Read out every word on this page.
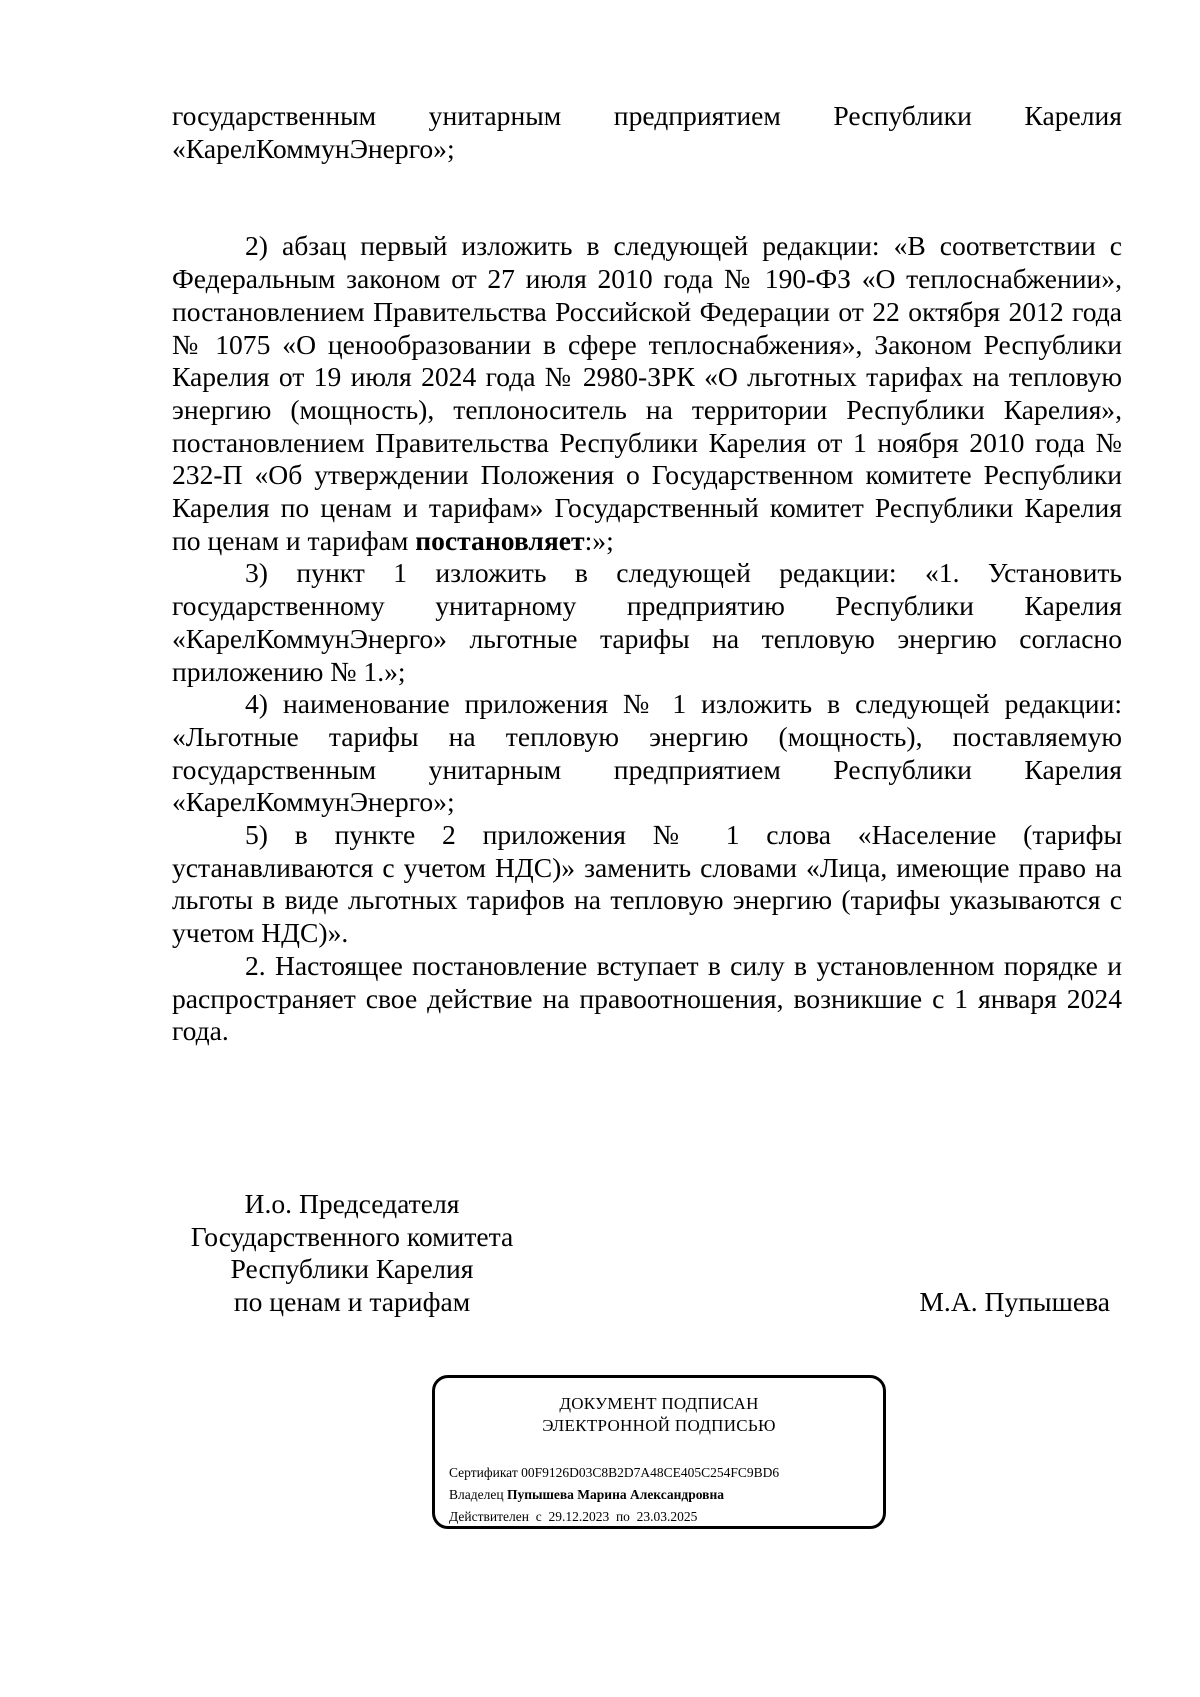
государственным унитарным предприятием Республики Карелия «КарелКоммунЭнерго»;

2) абзац первый изложить в следующей редакции: «В соответствии с Федеральным законом от 27 июля 2010 года № 190-ФЗ «О теплоснабжении», постановлением Правительства Российской Федерации от 22 октября 2012 года № 1075 «О ценообразовании в сфере теплоснабжения», Законом Республики Карелия от 19 июля 2024 года № 2980-ЗРК «О льготных тарифах на тепловую энергию (мощность), теплоноситель на территории Республики Карелия», постановлением Правительства Республики Карелия от 1 ноября 2010 года № 232-П «Об утверждении Положения о Государственном комитете Республики Карелия по ценам и тарифам» Государственный комитет Республики Карелия по ценам и тарифам постановляет:»;

3) пункт 1 изложить в следующей редакции: «1. Установить государственному унитарному предприятию Республики Карелия «КарелКоммунЭнерго» льготные тарифы на тепловую энергию согласно приложению № 1.»;

4) наименование приложения № 1 изложить в следующей редакции: «Льготные тарифы на тепловую энергию (мощность), поставляемую государственным унитарным предприятием Республики Карелия «КарелКоммунЭнерго»;

5) в пункте 2 приложения № 1 слова «Население (тарифы устанавливаются с учетом НДС)» заменить словами «Лица, имеющие право на льготы в виде льготных тарифов на тепловую энергию (тарифы указываются с учетом НДС)».

2. Настоящее постановление вступает в силу в установленном порядке и распространяет свое действие на правоотношения, возникшие с 1 января 2024 года.

И.о. Председателя
Государственного комитета
Республики Карелия
по ценам и тарифам	М.А. Пупышева
ДОКУМЕНТ ПОДПИСАН
ЭЛЕКТРОННОЙ ПОДПИСЬЮ
Сертификат 00F9126D03C8B2D7A48CE405C254FC9BD6
Владелец Пупышева Марина Александровна
Действителен с 29.12.2023 по 23.03.2025
